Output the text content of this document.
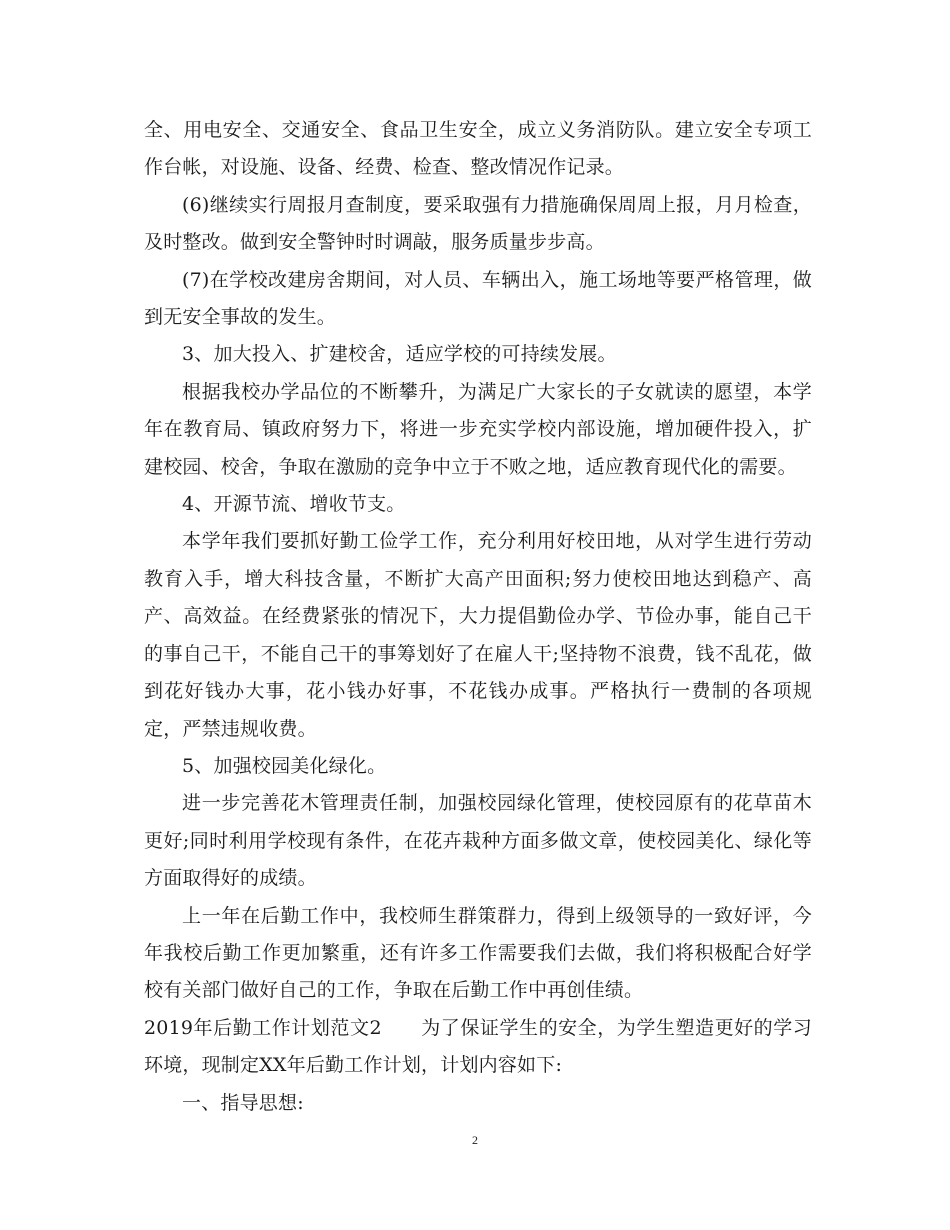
全、用电安全、交通安全、食品卫生安全，成立义务消防队。建立安全专项工作台帐，对设施、设备、经费、检查、整改情况作记录。

(6)继续实行周报月查制度，要采取强有力措施确保周周上报，月月检查，及时整改。做到安全警钟时时调敲，服务质量步步高。

(7)在学校改建房舍期间，对人员、车辆出入，施工场地等要严格管理，做到无安全事故的发生。

3、加大投入、扩建校舍，适应学校的可持续发展。

根据我校办学品位的不断攀升，为满足广大家长的子女就读的愿望，本学年在教育局、镇政府努力下，将进一步充实学校内部设施，增加硬件投入，扩建校园、校舍，争取在激励的竞争中立于不败之地，适应教育现代化的需要。

4、开源节流、增收节支。

本学年我们要抓好勤工俭学工作，充分利用好校田地，从对学生进行劳动教育入手，增大科技含量，不断扩大高产田面积;努力使校田地达到稳产、高产、高效益。在经费紧张的情况下，大力提倡勤俭办学、节俭办事，能自己干的事自己干，不能自己干的事筹划好了在雇人干;坚持物不浪费，钱不乱花，做到花好钱办大事，花小钱办好事，不花钱办成事。严格执行一费制的各项规定，严禁违规收费。

5、加强校园美化绿化。

进一步完善花木管理责任制，加强校园绿化管理，使校园原有的花草苗木更好;同时利用学校现有条件，在花卉栽种方面多做文章，使校园美化、绿化等方面取得好的成绩。

上一年在后勤工作中，我校师生群策群力，得到上级领导的一致好评，今年我校后勤工作更加繁重，还有许多工作需要我们去做，我们将积极配合好学校有关部门做好自己的工作，争取在后勤工作中再创佳绩。

2019年后勤工作计划范文2　　为了保证学生的安全，为学生塑造更好的学习环境，现制定XX年后勤工作计划，计划内容如下:

一、指导思想:

2
